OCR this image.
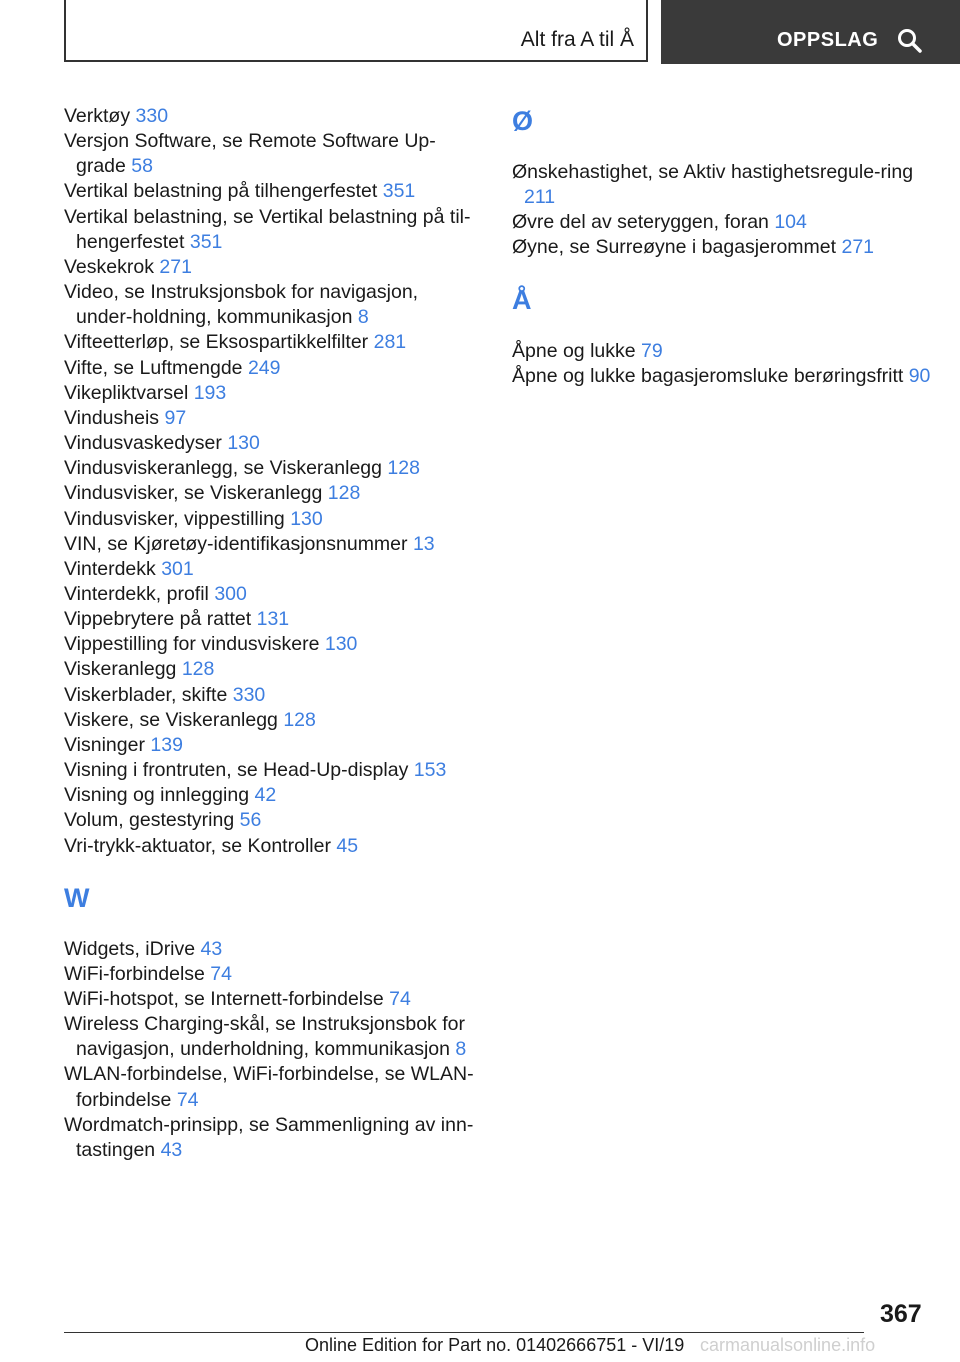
Alt fra A til Å	OPPSLAG
Verktøy 330
Versjon Software, se Remote Software Up-grade 58
Vertikal belastning på tilhengerfestet 351
Vertikal belastning, se Vertikal belastning på til-hengerfestet 351
Veskekrok 271
Video, se Instruksjonsbok for navigasjon, under-holdning, kommunikasjon 8
Vifteetterløp, se Eksospartikkelfilter 281
Vifte, se Luftmengde 249
Vikepliktvarsel 193
Vindusheis 97
Vindusvaskedyser 130
Vindusviskeranlegg, se Viskeranlegg 128
Vindusvisker, se Viskeranlegg 128
Vindusvisker, vippestilling 130
VIN, se Kjøretøy-identifikasjonsnummer 13
Vinterdekk 301
Vinterdekk, profil 300
Vippebrytere på rattet 131
Vippestilling for vindusviskere 130
Viskeranlegg 128
Viskerblader, skifte 330
Viskere, se Viskeranlegg 128
Visninger 139
Visning i frontruten, se Head-Up-display 153
Visning og innlegging 42
Volum, gestestyring 56
Vri-trykk-aktuator, se Kontroller 45
W
Widgets, iDrive 43
WiFi-forbindelse 74
WiFi-hotspot, se Internett-forbindelse 74
Wireless Charging-skål, se Instruksjonsbok for navigasjon, underholdning, kommunikasjon 8
WLAN-forbindelse, WiFi-forbindelse, se WLAN-forbindelse 74
Wordmatch-prinsipp, se Sammenligning av inn-tastingen 43
Ø
Ønskehastighet, se Aktiv hastighetsregule-ring 211
Øvre del av seteryggen, foran 104
Øyne, se Surreøyne i bagasjerommet 271
Å
Åpne og lukke 79
Åpne og lukke bagasjeromsluke berøringsfritt 90
367
Online Edition for Part no. 01402666751 - VI/19 carmanualsonline.info
